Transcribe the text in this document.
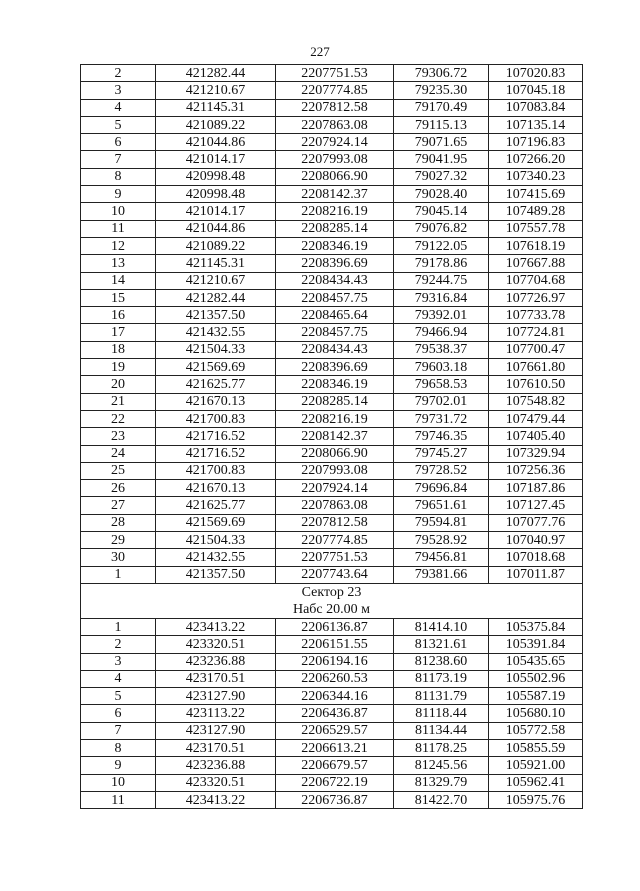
227
2	421282.44	2207751.53	79306.72	107020.83
3	421210.67	2207774.85	79235.30	107045.18
4	421145.31	2207812.58	79170.49	107083.84
5	421089.22	2207863.08	79115.13	107135.14
6	421044.86	2207924.14	79071.65	107196.83
7	421014.17	2207993.08	79041.95	107266.20
8	420998.48	2208066.90	79027.32	107340.23
9	420998.48	2208142.37	79028.40	107415.69
10	421014.17	2208216.19	79045.14	107489.28
11	421044.86	2208285.14	79076.82	107557.78
12	421089.22	2208346.19	79122.05	107618.19
13	421145.31	2208396.69	79178.86	107667.88
14	421210.67	2208434.43	79244.75	107704.68
15	421282.44	2208457.75	79316.84	107726.97
16	421357.50	2208465.64	79392.01	107733.78
17	421432.55	2208457.75	79466.94	107724.81
18	421504.33	2208434.43	79538.37	107700.47
19	421569.69	2208396.69	79603.18	107661.80
20	421625.77	2208346.19	79658.53	107610.50
21	421670.13	2208285.14	79702.01	107548.82
22	421700.83	2208216.19	79731.72	107479.44
23	421716.52	2208142.37	79746.35	107405.40
24	421716.52	2208066.90	79745.27	107329.94
25	421700.83	2207993.08	79728.52	107256.36
26	421670.13	2207924.14	79696.84	107187.86
27	421625.77	2207863.08	79651.61	107127.45
28	421569.69	2207812.58	79594.81	107077.76
29	421504.33	2207774.85	79528.92	107040.97
30	421432.55	2207751.53	79456.81	107018.68
1	421357.50	2207743.64	79381.66	107011.87
Сектор 23				
Набс 20.00 м				
1	423413.22	2206136.87	81414.10	105375.84
2	423320.51	2206151.55	81321.61	105391.84
3	423236.88	2206194.16	81238.60	105435.65
4	423170.51	2206260.53	81173.19	105502.96
5	423127.90	2206344.16	81131.79	105587.19
6	423113.22	2206436.87	81118.44	105680.10
7	423127.90	2206529.57	81134.44	105772.58
8	423170.51	2206613.21	81178.25	105855.59
9	423236.88	2206679.57	81245.56	105921.00
10	423320.51	2206722.19	81329.79	105962.41
11	423413.22	2206736.87	81422.70	105975.76
